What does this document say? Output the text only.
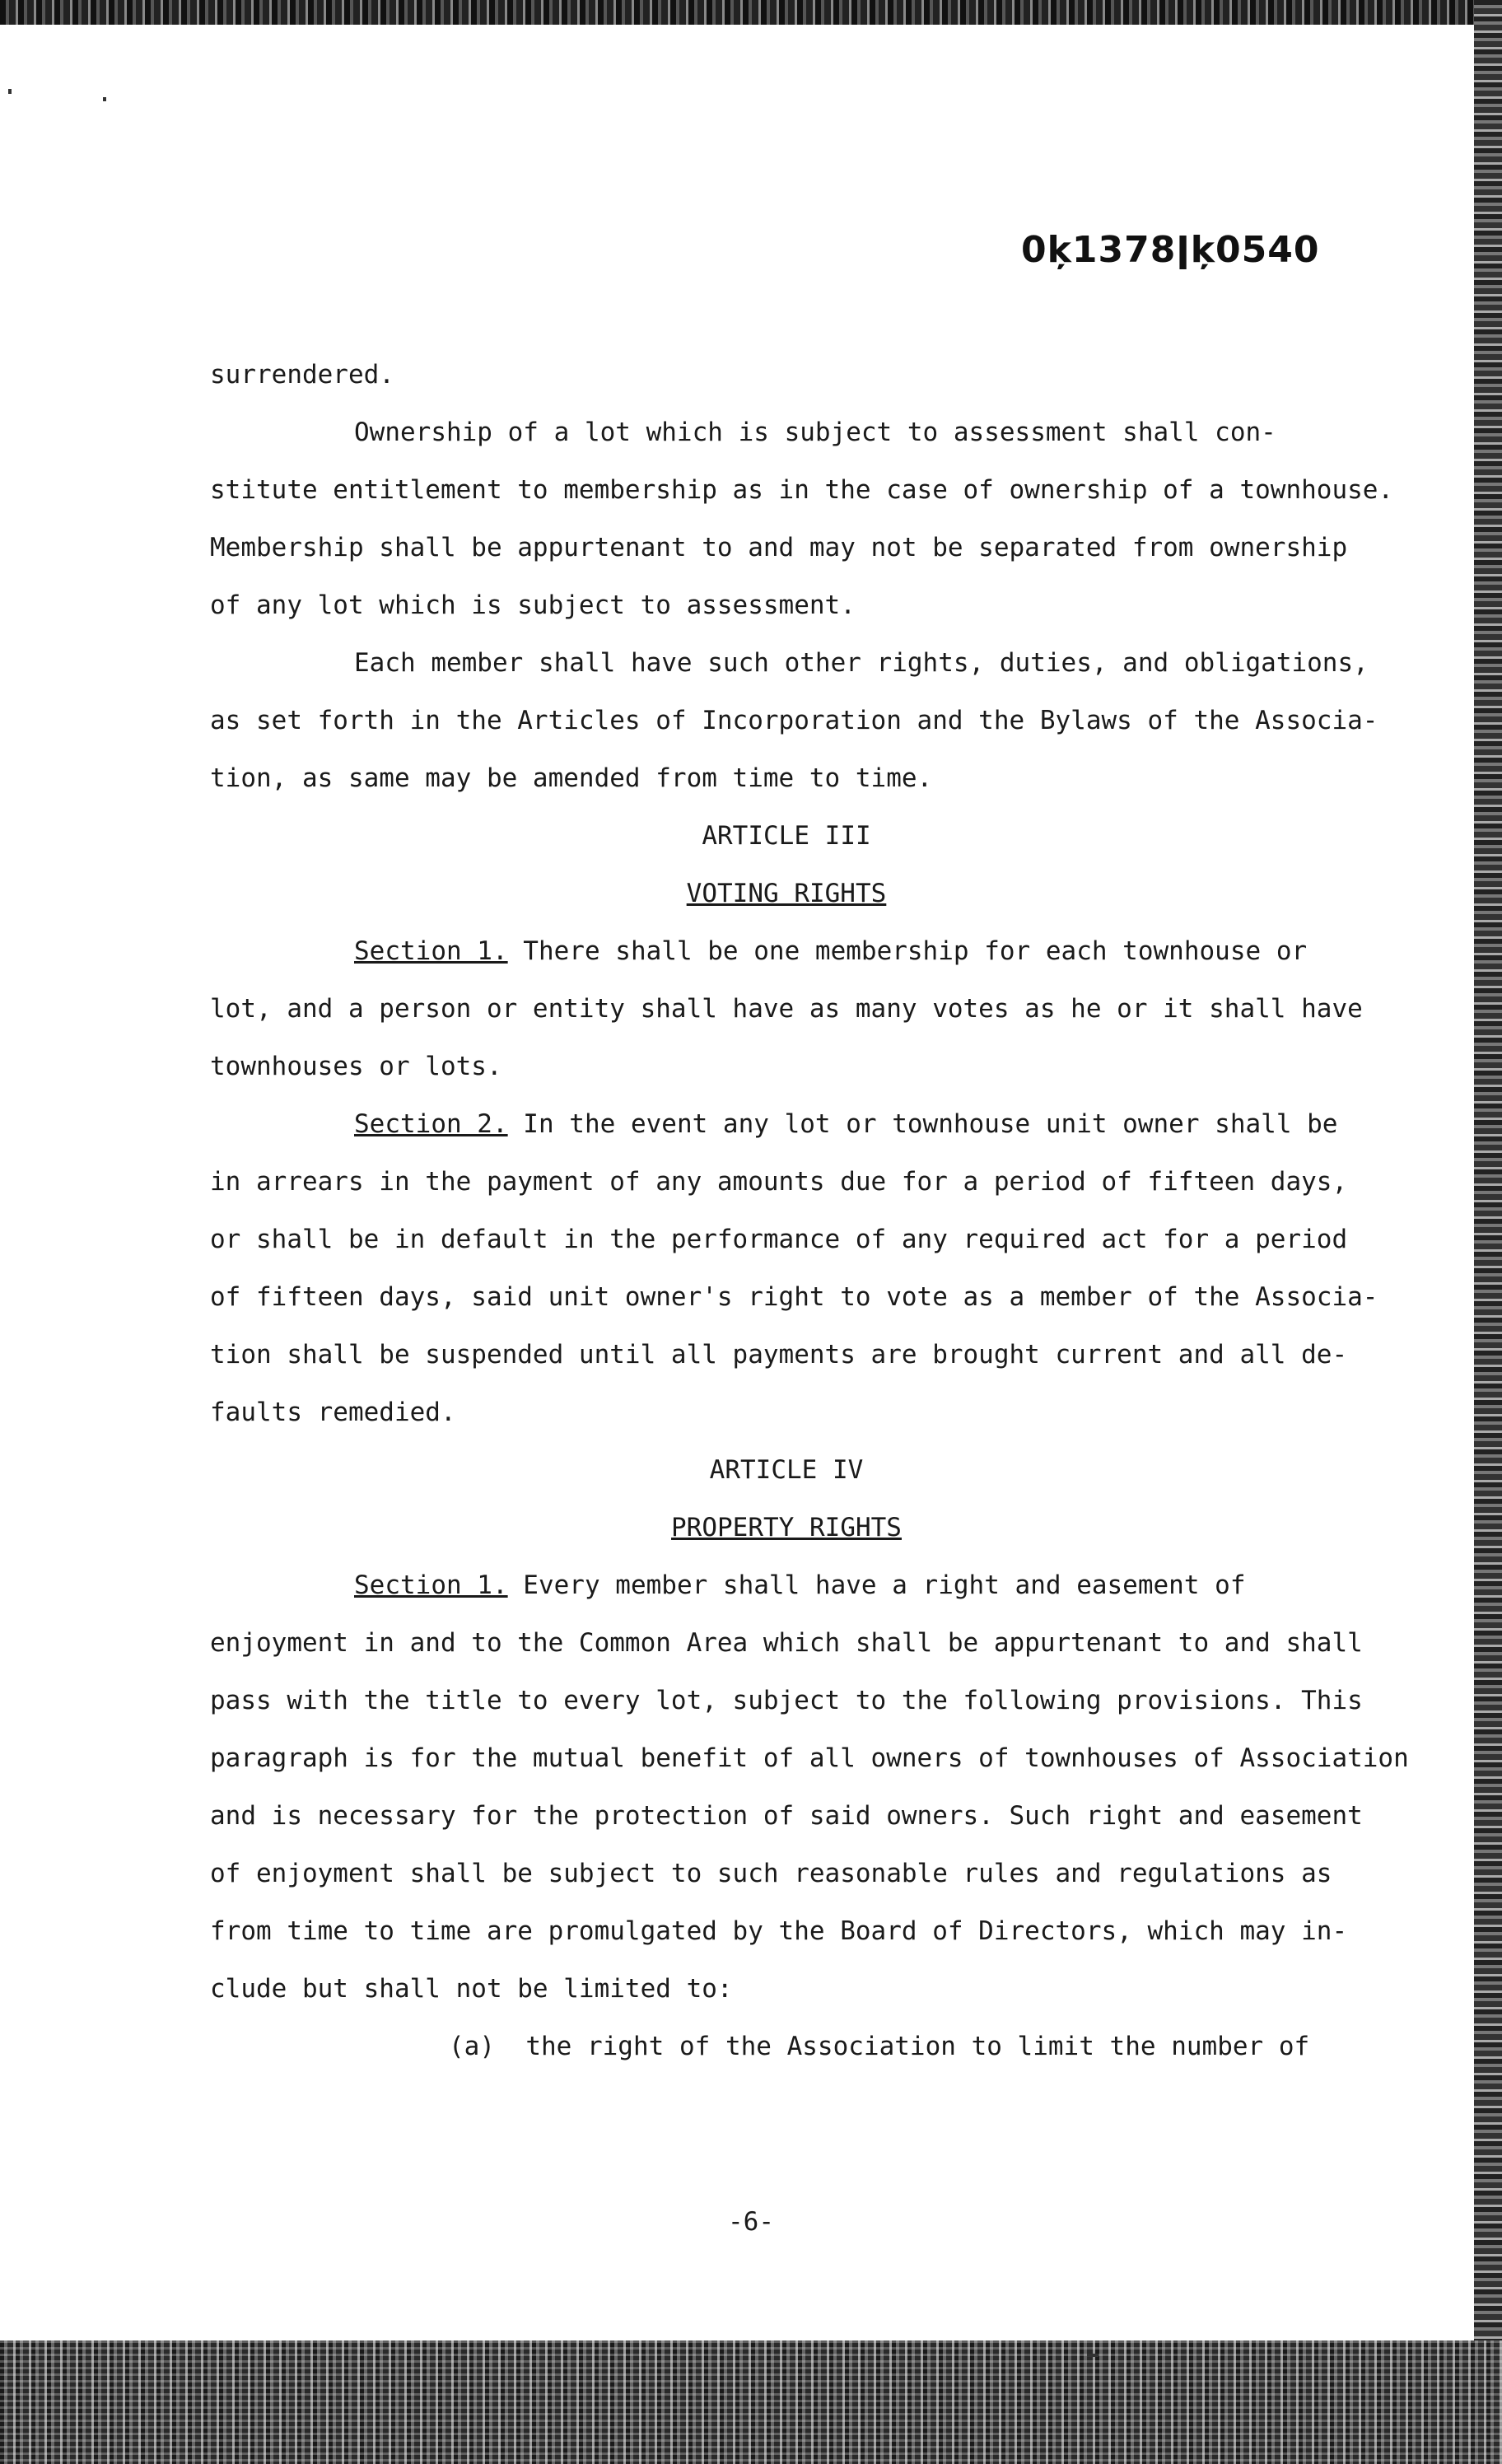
0ķ1378ǀķ0540
surrendered.
Ownership of a lot which is subject to assessment shall con-
stitute entitlement to membership as in the case of ownership of a townhouse.
Membership shall be appurtenant to and may not be separated from ownership
of any lot which is subject to assessment.
Each member shall have such other rights, duties, and obligations,
as set forth in the Articles of Incorporation and the Bylaws of the Associa-
tion, as same may be amended from time to time.
ARTICLE III
VOTING RIGHTS
Section 1. There shall be one membership for each townhouse or
lot, and a person or entity shall have as many votes as he or it shall have
townhouses or lots.
Section 2. In the event any lot or townhouse unit owner shall be
in arrears in the payment of any amounts due for a period of fifteen days,
or shall be in default in the performance of any required act for a period
of fifteen days, said unit owner's right to vote as a member of the Associa-
tion shall be suspended until all payments are brought current and all de-
faults remedied.
ARTICLE IV
PROPERTY RIGHTS
Section 1. Every member shall have a right and easement of
enjoyment in and to the Common Area which shall be appurtenant to and shall
pass with the title to every lot, subject to the following provisions. This
paragraph is for the mutual benefit of all owners of townhouses of Association
and is necessary for the protection of said owners. Such right and easement
of enjoyment shall be subject to such reasonable rules and regulations as
from time to time are promulgated by the Board of Directors, which may in-
clude but shall not be limited to:
(a)  the right of the Association to limit the number of
-6-
